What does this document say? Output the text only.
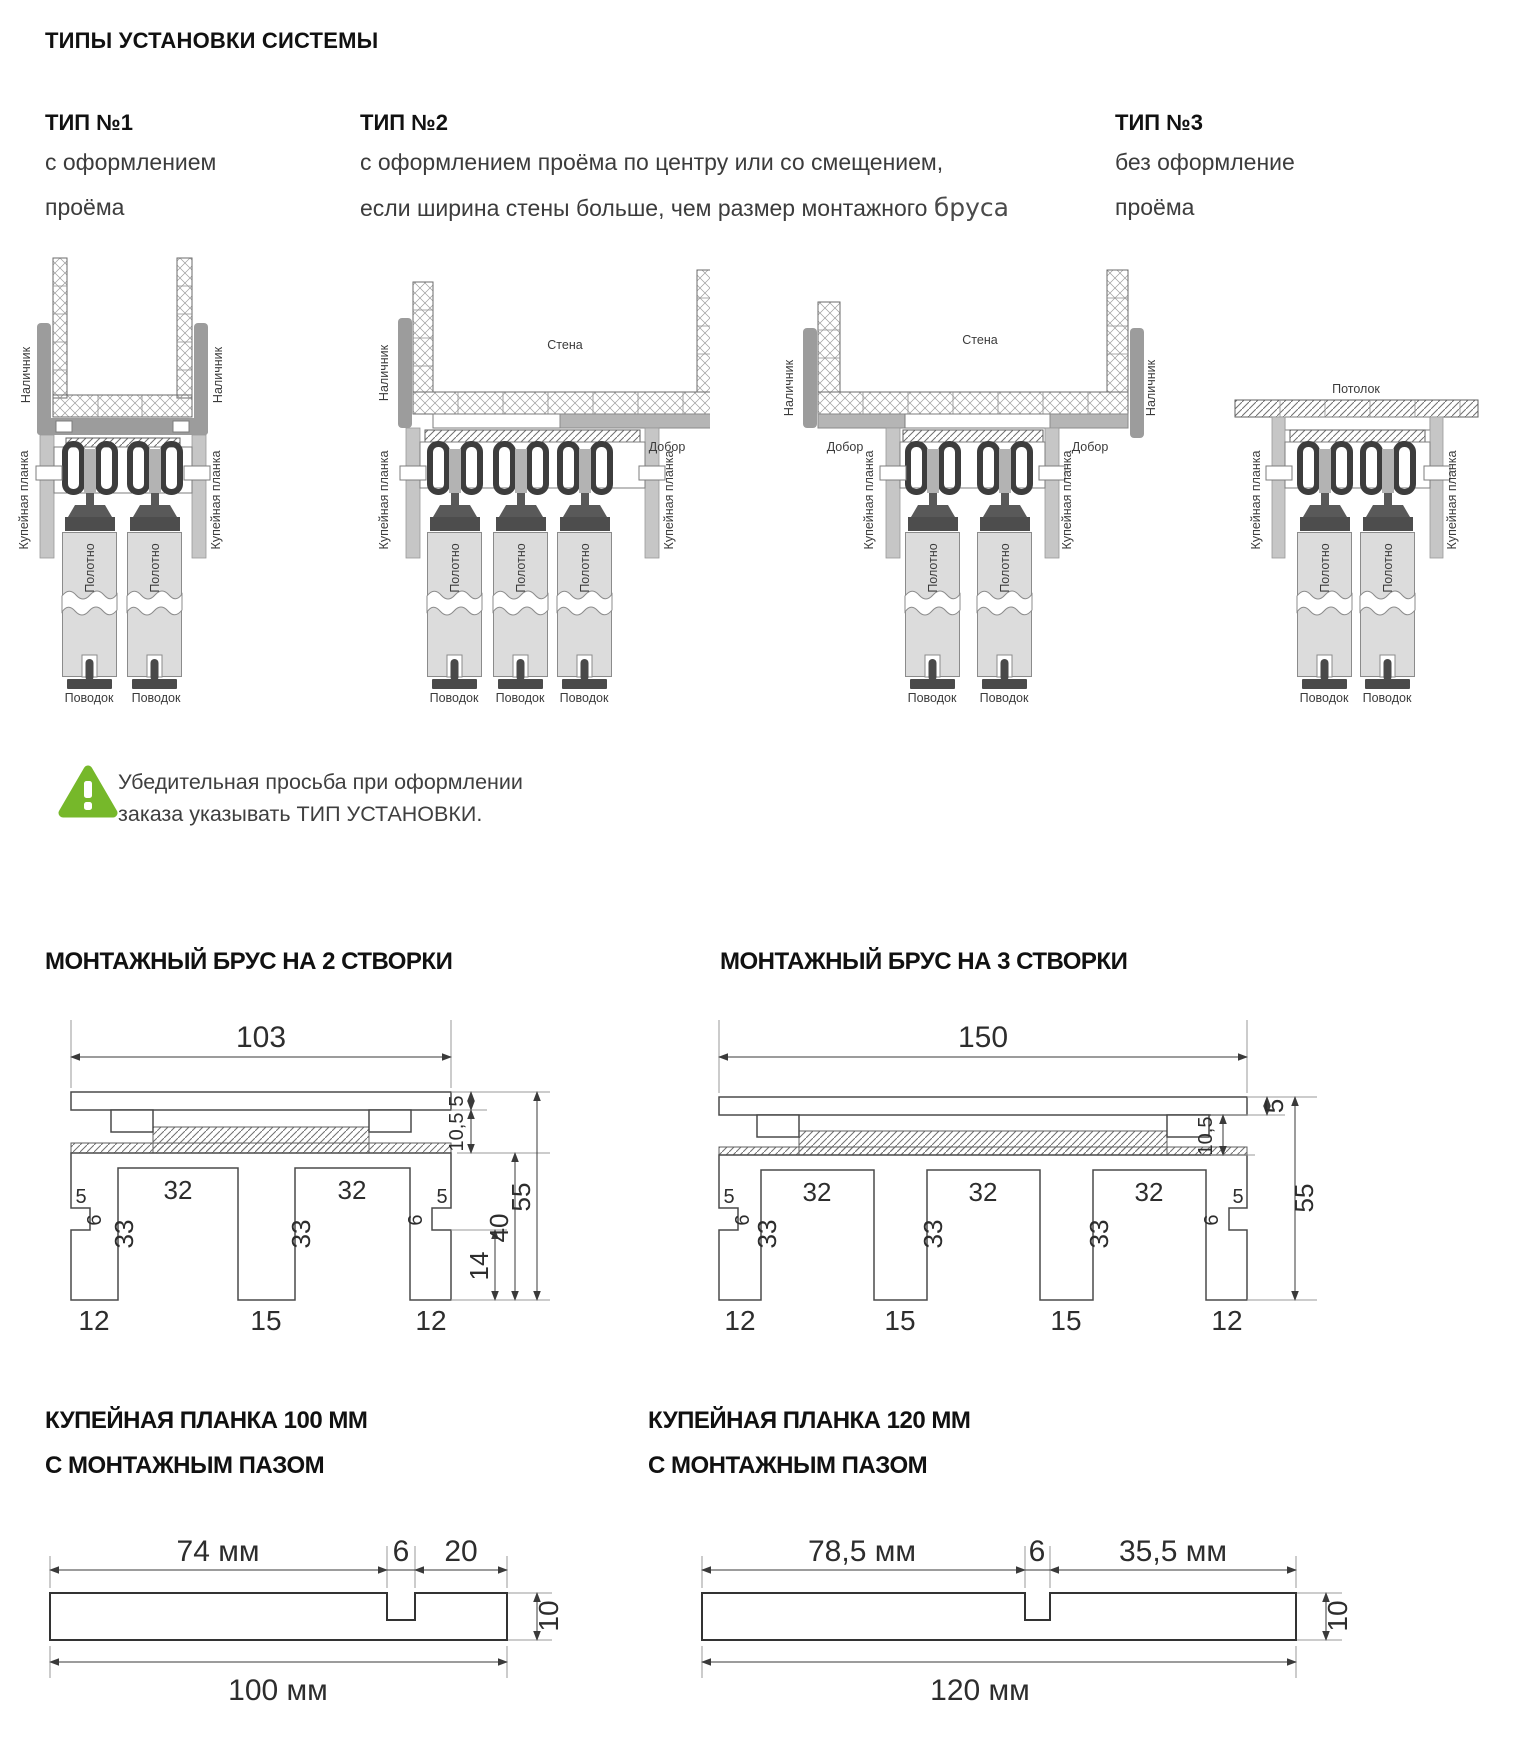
ТИПЫ УСТАНОВКИ СИСТЕМЫ
ТИП №1
с оформлением
проёма
ТИП №2
с оформлением проёма по центру или со смещением,
если ширина стены больше, чем размер монтажного бруса
ТИП №3
без оформление
проёма
Наличник	Наличник
Купейная планка	Купейная планка
Полотно	Полотно
Поводок Поводок
Стена
Добор
Наличник
Купейная планка	Купейная планка
Полотно	Полотно	Полотно
Поводок Поводок Поводок
Стена
Добор	Добор
Наличник	Наличник
Купейная планка	Купейная планка
Полотно	Полотно
Поводок Поводок
Потолок
Купейная планка	Купейная планка
Полотно	Полотно
Поводок Поводок
Убедительная просьба при оформлении
заказа указывать ТИП УСТАНОВКИ.
МОНТАЖНЫЙ БРУС НА 2 СТВОРКИ	МОНТАЖНЫЙ БРУС НА 3 СТВОРКИ
103
5
10,5
14
40
55
32	32
33	33
5
6
5
6
12	15	12
150
5
10,5
55
32	32	32
33	33	33
5
6
5
6
12	15	15	12
КУПЕЙНАЯ ПЛАНКА 100 ММ
С МОНТАЖНЫМ ПАЗОМ
КУПЕЙНАЯ ПЛАНКА 120 ММ
С МОНТАЖНЫМ ПАЗОМ
74 мм	6 20
10
100 мм
78,5 мм	6 35,5 мм
10
120 мм
